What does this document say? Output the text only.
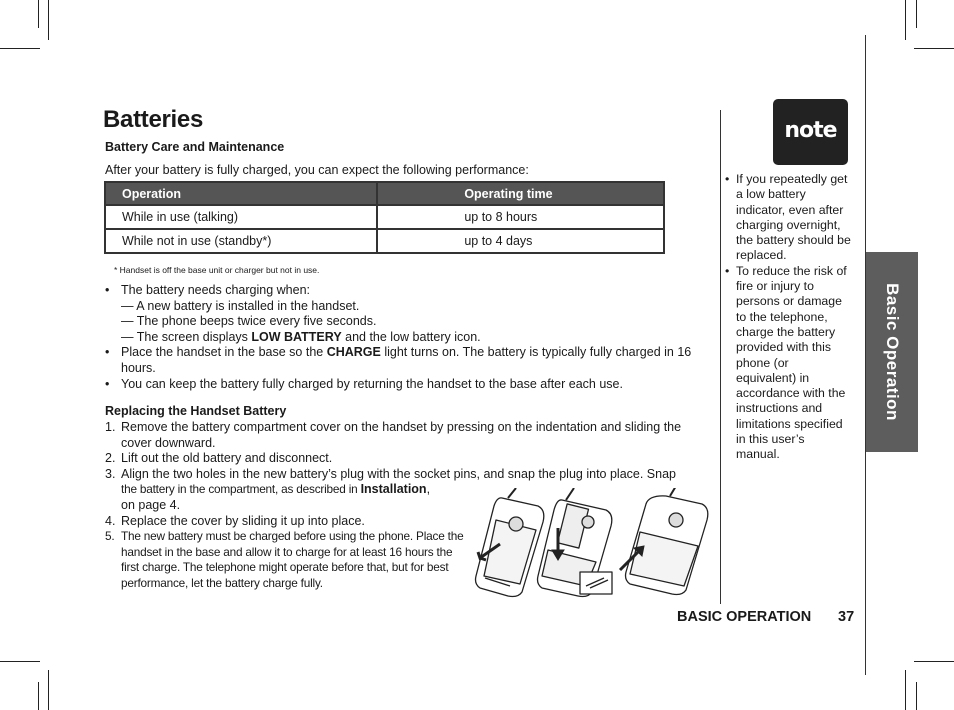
Batteries
Battery Care and Maintenance
After your battery is fully charged, you can expect the following performance:
Operation	Operating time
While in use (talking)	up to 8 hours
While not in use (standby*)	up to 4 days
* Handset is off the base unit or charger but not in use.
• The battery needs charging when:
— A new battery is installed in the handset.
— The phone beeps twice every five seconds.
— The screen displays LOW BATTERY and the low battery icon.
• Place the handset in the base so the CHARGE light turns on. The battery is typically fully charged in 16 hours.
• You can keep the battery fully charged by returning the handset to the base after each use.
Replacing the Handset Battery
1. Remove the battery compartment cover on the handset by pressing on the indentation and sliding the cover downward.
2. Lift out the old battery and disconnect.
3. Align the two holes in the new battery’s plug with the socket pins, and snap the plug into place. Snap
the battery in the compartment, as described in Installation,
on page 4.
4. Replace the cover by sliding it up into place.
5. The new battery must be charged before using the phone. Place the handset in the base and allow it to charge for at least 16 hours the first charge. The telephone might operate before that, but for best performance, let the battery charge fully.
note
• If you repeatedly get a low battery indicator, even after charging overnight, the battery should be replaced.
• To reduce the risk of fire or injury to persons or damage to the telephone, charge the battery provided with this phone (or equivalent) in accordance with the instructions and limitations specified in this user’s manual.
Basic Operation
BASIC OPERATION 37
